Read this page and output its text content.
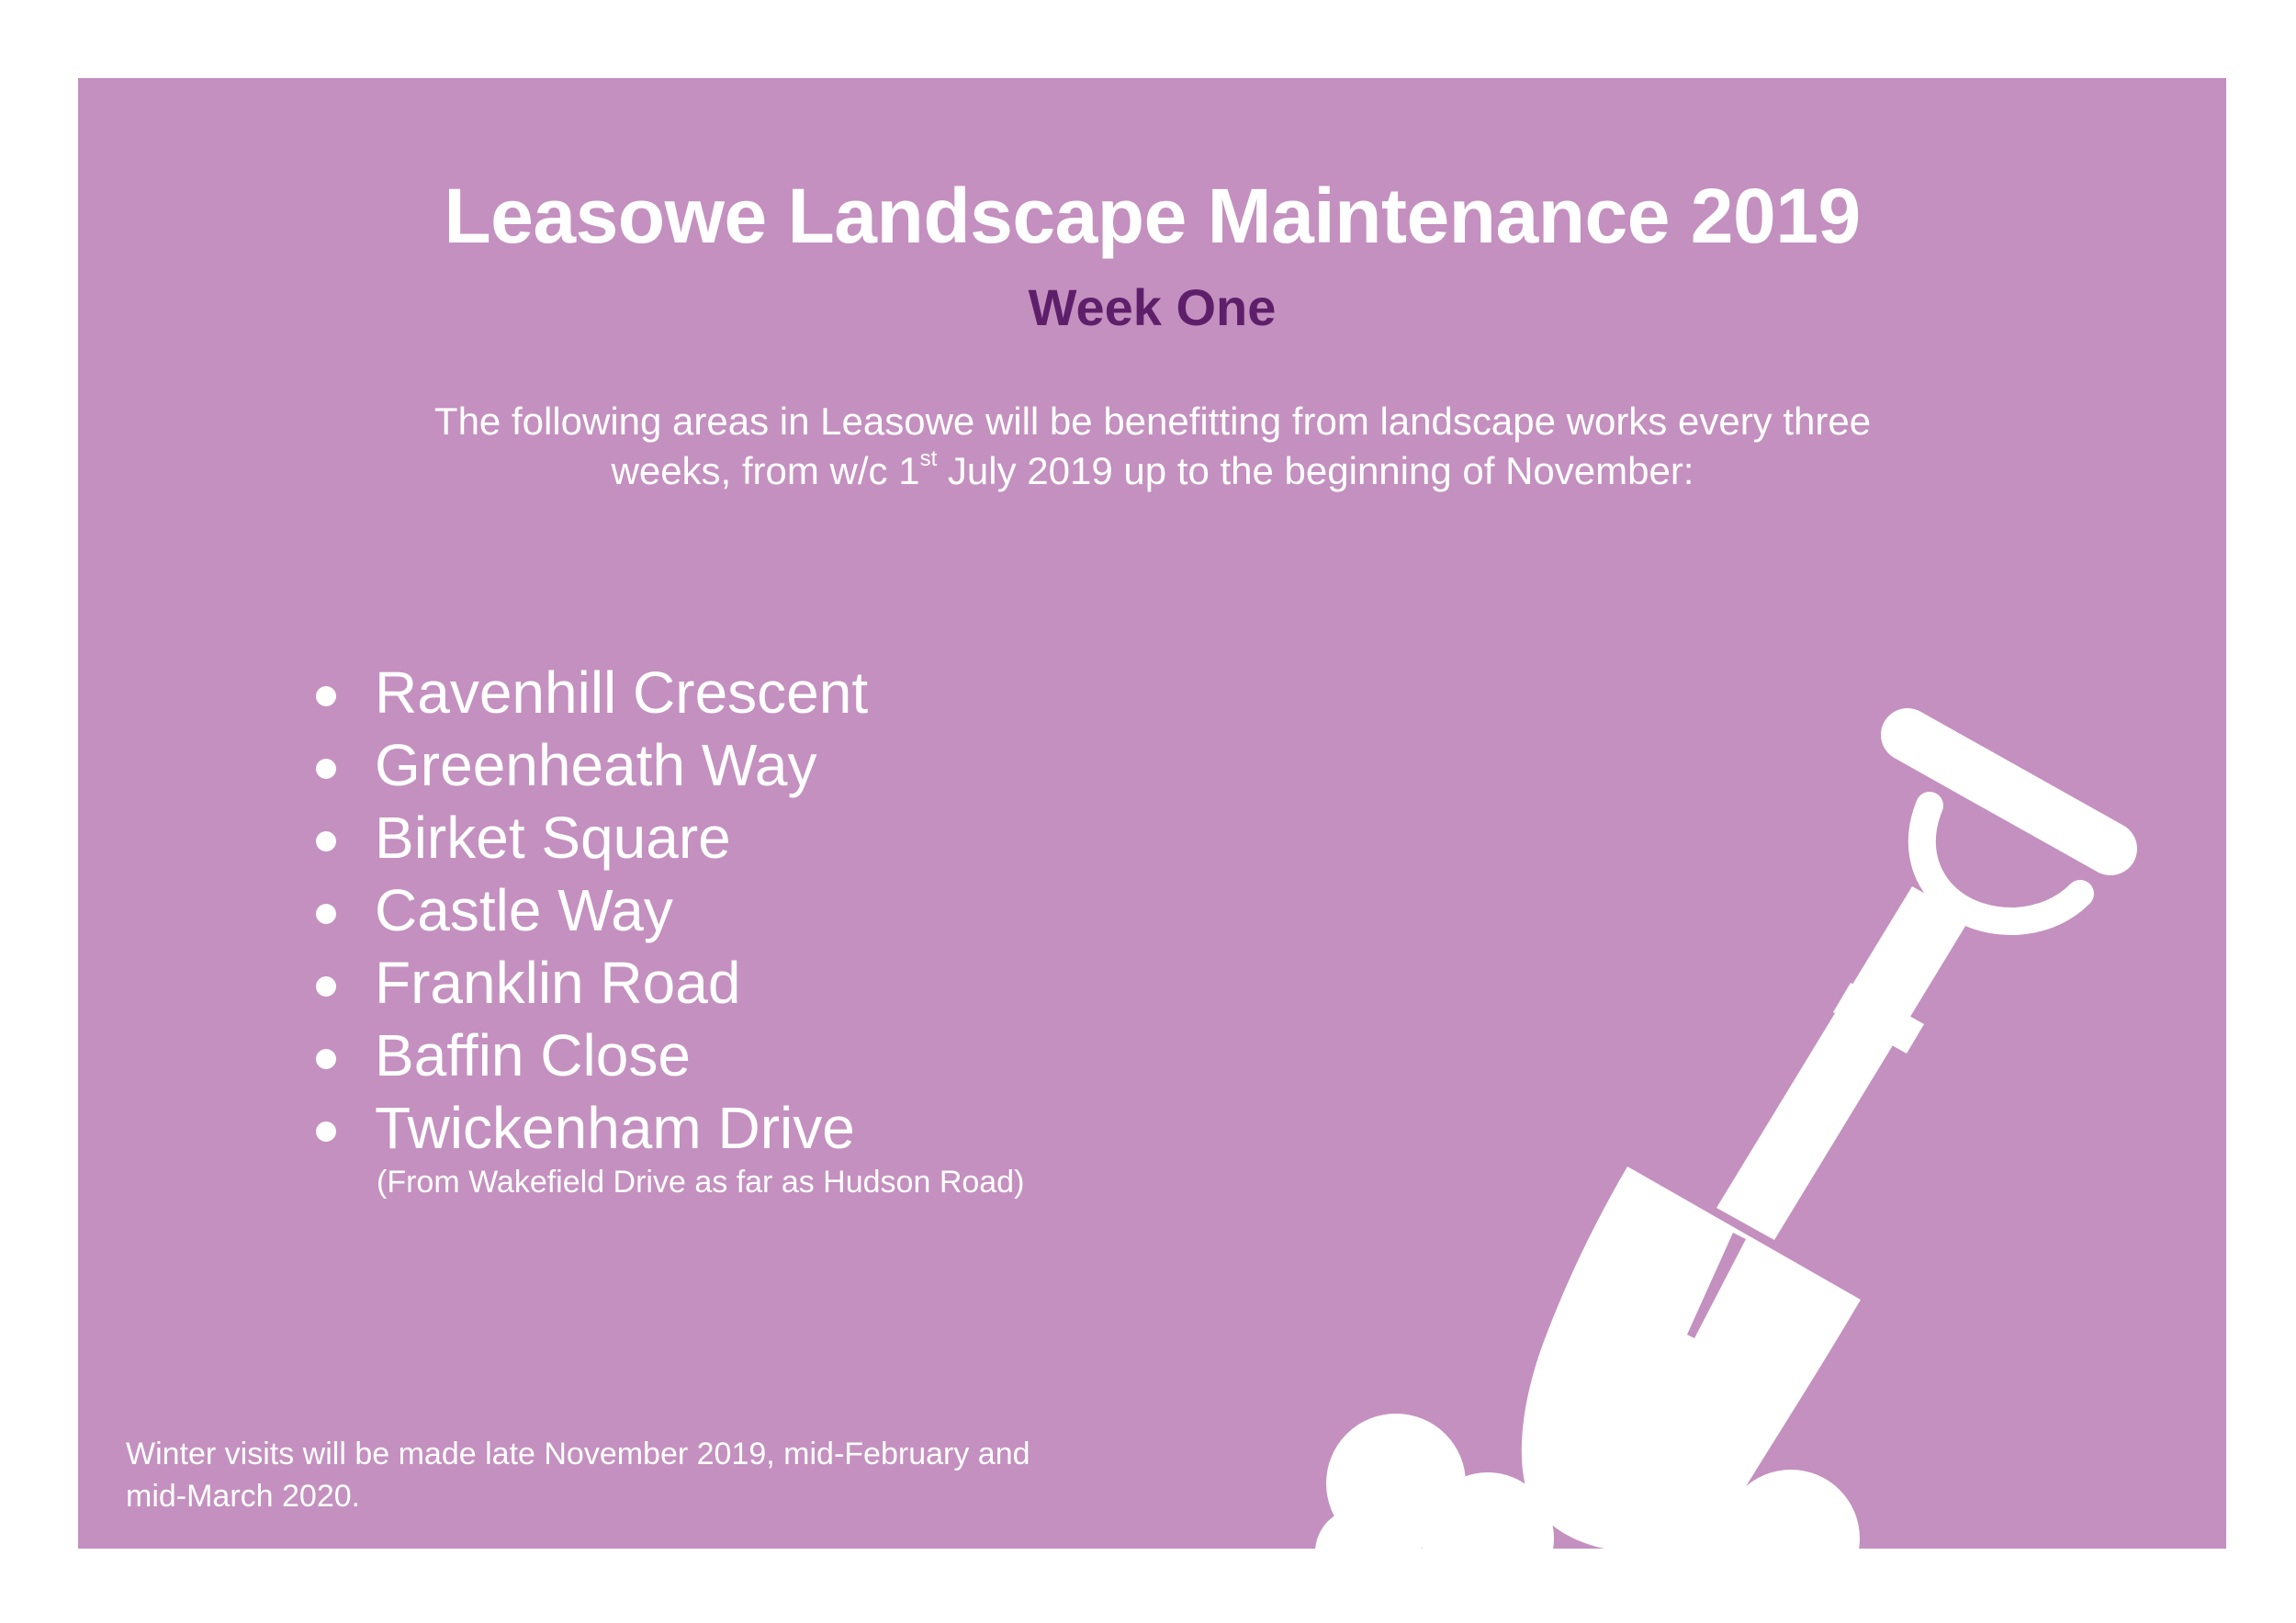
Leasowe Landscape Maintenance 2019
Week One
The following areas in Leasowe will be benefitting from landscape works every three
weeks, from w/c 1st July 2019 up to the beginning of November:
Ravenhill Crescent
Greenheath Way
Birket Square
Castle Way
Franklin Road
Baffin Close
Twickenham Drive
(From Wakefield Drive as far as Hudson Road)
Winter visits will be made late November 2019, mid-February and
mid-March 2020.
